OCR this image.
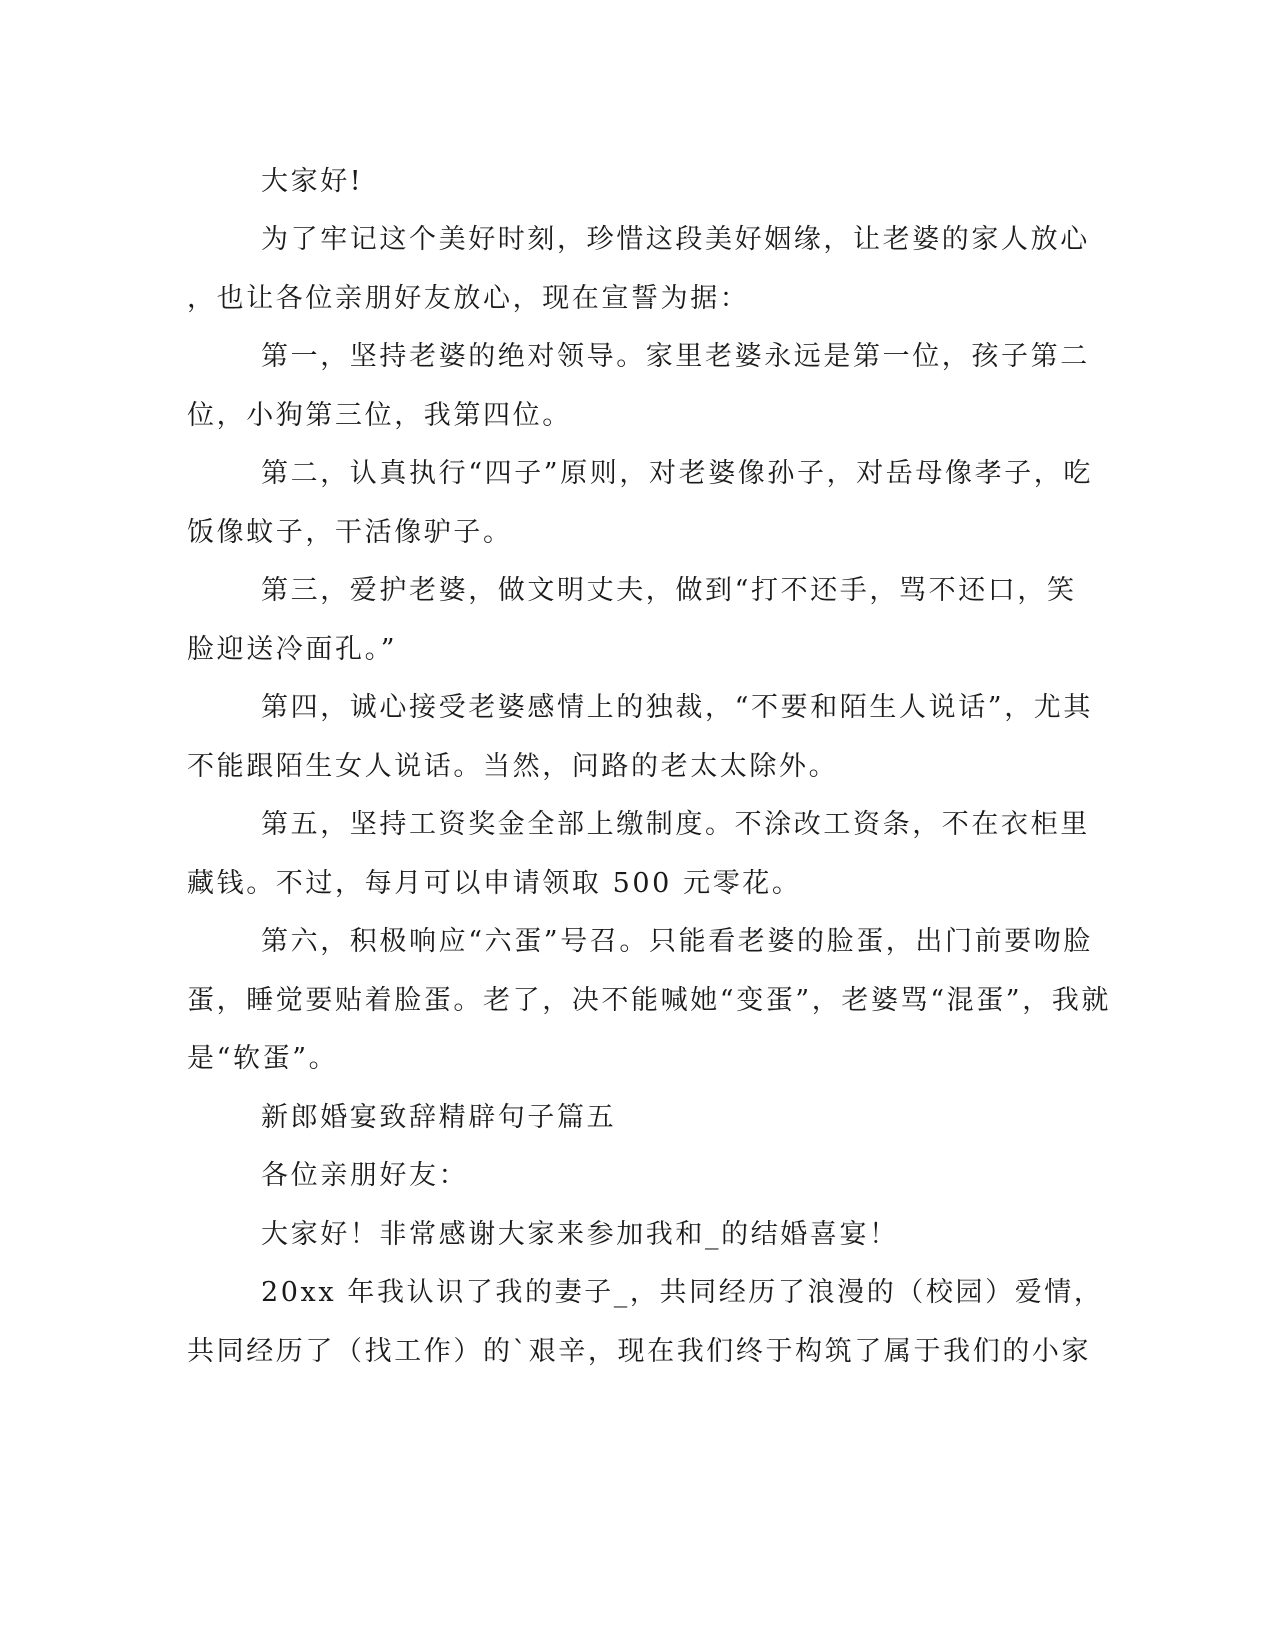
大家好!
为了牢记这个美好时刻，珍惜这段美好姻缘，让老婆的家人放心
，也让各位亲朋好友放心，现在宣誓为据：
第一，坚持老婆的绝对领导。家里老婆永远是第一位，孩子第二
位，小狗第三位，我第四位。
第二，认真执行“四子”原则，对老婆像孙子，对岳母像孝子，吃
饭像蚊子，干活像驴子。
第三，爱护老婆，做文明丈夫，做到“打不还手，骂不还口，笑
脸迎送冷面孔。”
第四，诚心接受老婆感情上的独裁，“不要和陌生人说话”，尤其
不能跟陌生女人说话。当然，问路的老太太除外。
第五，坚持工资奖金全部上缴制度。不涂改工资条，不在衣柜里
藏钱。不过，每月可以申请领取 500 元零花。
第六，积极响应“六蛋”号召。只能看老婆的脸蛋，出门前要吻脸
蛋，睡觉要贴着脸蛋。老了，决不能喊她“变蛋”，老婆骂“混蛋”，我就
是“软蛋”。
新郎婚宴致辞精辟句子篇五
各位亲朋好友：
大家好！非常感谢大家来参加我和_的结婚喜宴！
20xx 年我认识了我的妻子_，共同经历了浪漫的（校园）爱情，
共同经历了（找工作）的`艰辛，现在我们终于构筑了属于我们的小家
